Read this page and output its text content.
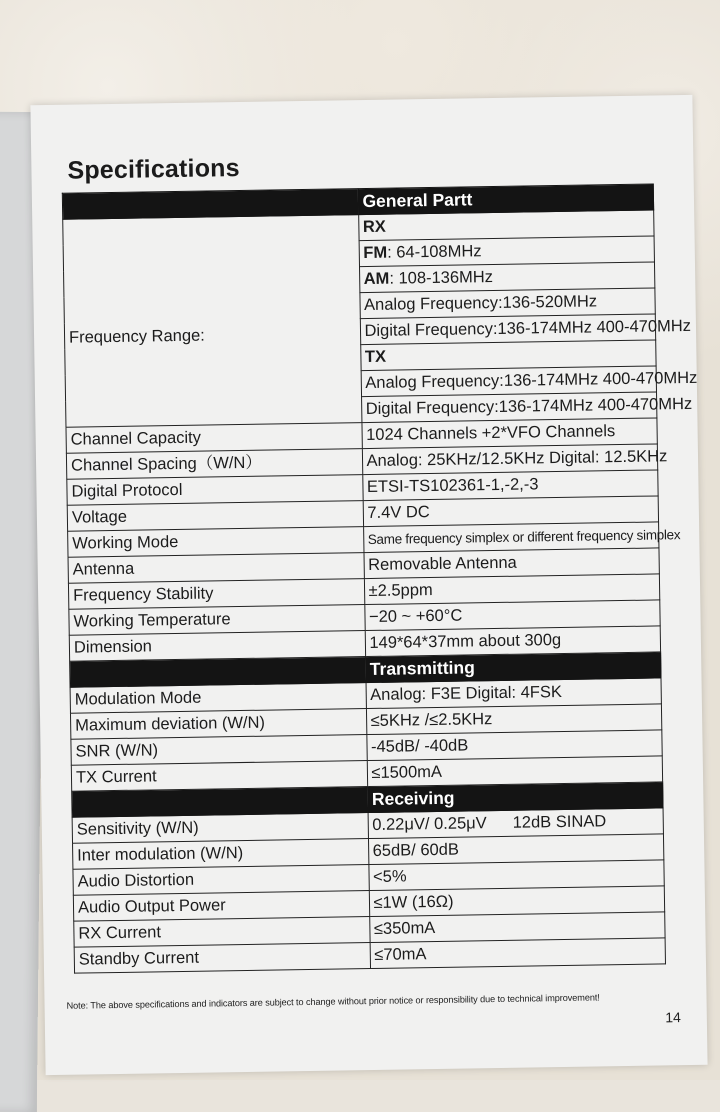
Specifications
	General Partt
Frequency Range:	RX
	FM: 64-108MHz
	AM: 108-136MHz
	Analog Frequency:136-520MHz
	Digital Frequency:136-174MHz 400-470MHz
	TX
	Analog Frequency:136-174MHz 400-470MHz
	Digital Frequency:136-174MHz 400-470MHz
Channel Capacity	1024 Channels +2*VFO Channels
Channel Spacing（W/N）	Analog: 25KHz/12.5KHz Digital: 12.5KHz
Digital Protocol	ETSI-TS102361-1,-2,-3
Voltage	7.4V DC
Working Mode	Same frequency simplex or different frequency simplex
Antenna	Removable Antenna
Frequency Stability	±2.5ppm
Working Temperature	−20 ~ +60°C
Dimension	149*64*37mm about 300g
	Transmitting
Modulation Mode	Analog: F3E Digital: 4FSK
Maximum deviation (W/N)	≤5KHz /≤2.5KHz
SNR (W/N)	-45dB/ -40dB
TX Current	≤1500mA
	Receiving
Sensitivity (W/N)	0.22μV/ 0.25μV 12dB SINAD
Inter modulation (W/N)	65dB/ 60dB
Audio Distortion	<5%
Audio Output Power	≤1W (16Ω)
RX Current	≤350mA
Standby Current	≤70mA
Note: The above specifications and indicators are subject to change without prior notice or responsibility due to technical improvement!
14
